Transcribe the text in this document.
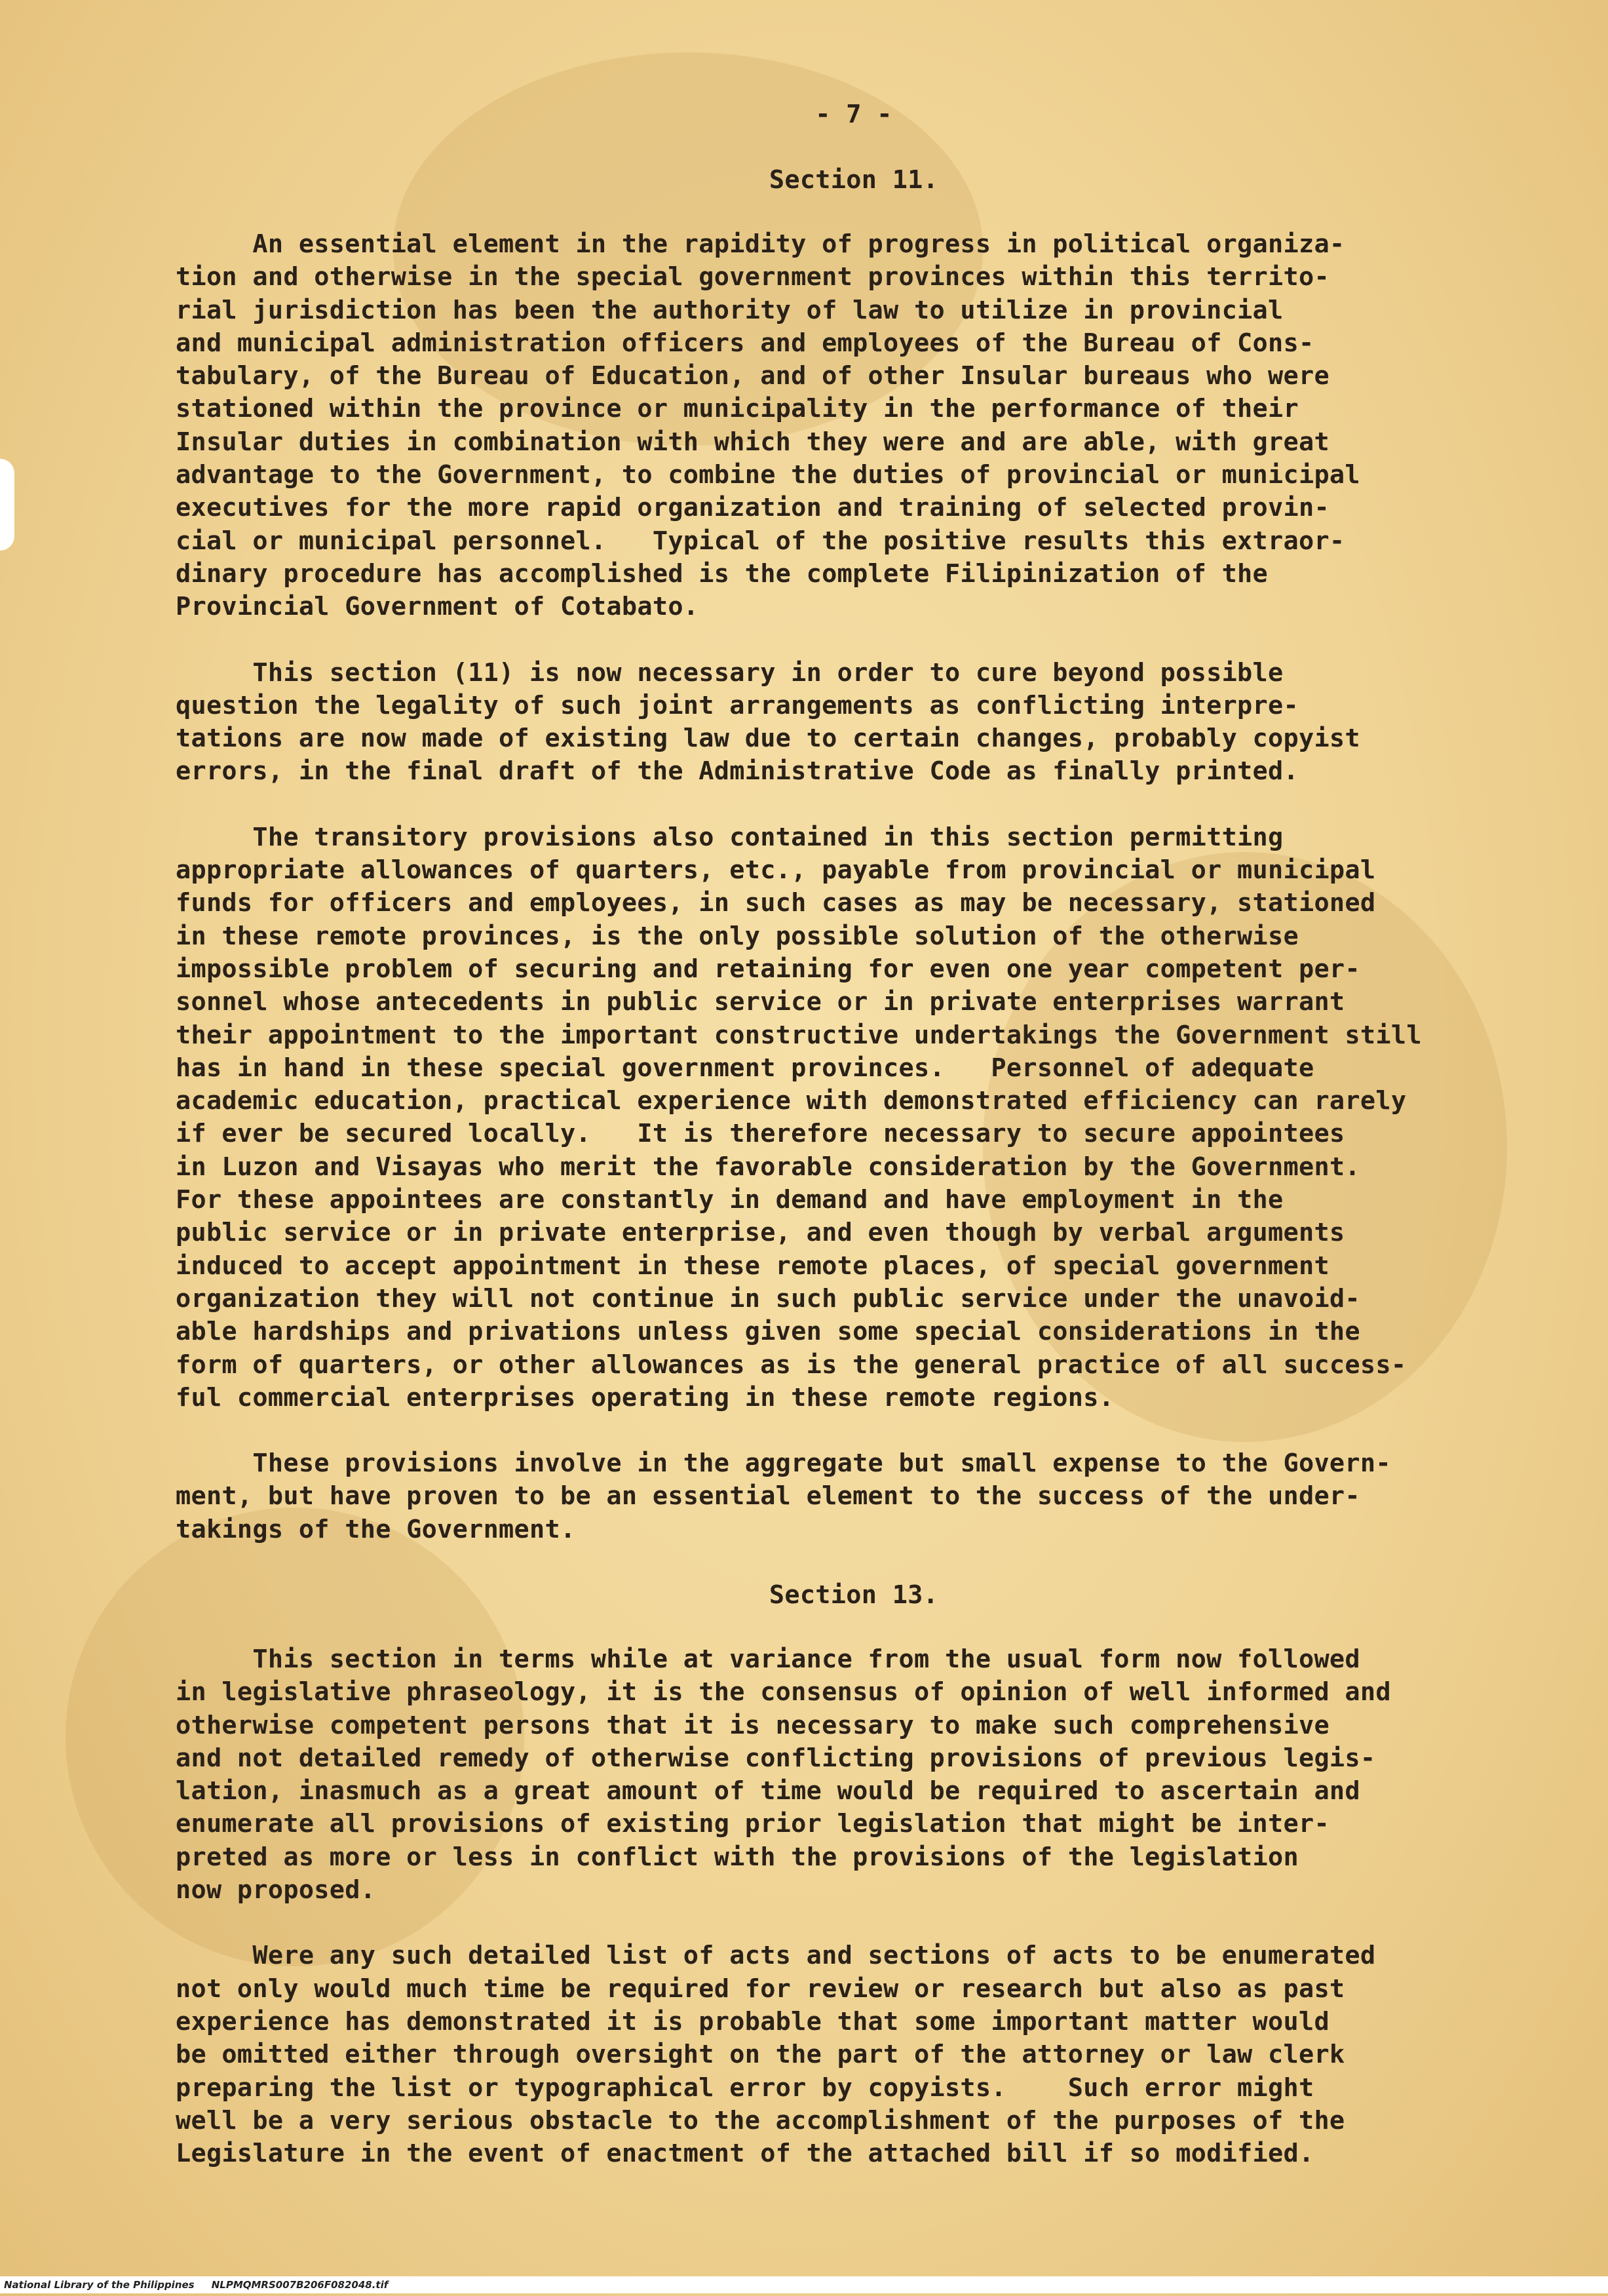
- 7 -
Section 11.
An essential element in the rapidity of progress in political organiza-
tion and otherwise in the special government provinces within this territo-
rial jurisdiction has been the authority of law to utilize in provincial
and municipal administration officers and employees of the Bureau of Cons-
tabulary, of the Bureau of Education, and of other Insular bureaus who were
stationed within the province or municipality in the performance of their
Insular duties in combination with which they were and are able, with great
advantage to the Government, to combine the duties of provincial or municipal
executives for the more rapid organization and training of selected provin-
cial or municipal personnel.   Typical of the positive results this extraor-
dinary procedure has accomplished is the complete Filipinization of the
Provincial Government of Cotabato.
This section (11) is now necessary in order to cure beyond possible
question the legality of such joint arrangements as conflicting interpre-
tations are now made of existing law due to certain changes, probably copyist
errors, in the final draft of the Administrative Code as finally printed.
The transitory provisions also contained in this section permitting
appropriate allowances of quarters, etc., payable from provincial or municipal
funds for officers and employees, in such cases as may be necessary, stationed
in these remote provinces, is the only possible solution of the otherwise
impossible problem of securing and retaining for even one year competent per-
sonnel whose antecedents in public service or in private enterprises warrant
their appointment to the important constructive undertakings the Government still
has in hand in these special government provinces.   Personnel of adequate
academic education, practical experience with demonstrated efficiency can rarely
if ever be secured locally.   It is therefore necessary to secure appointees
in Luzon and Visayas who merit the favorable consideration by the Government.
For these appointees are constantly in demand and have employment in the
public service or in private enterprise, and even though by verbal arguments
induced to accept appointment in these remote places, of special government
organization they will not continue in such public service under the unavoid-
able hardships and privations unless given some special considerations in the
form of quarters, or other allowances as is the general practice of all success-
ful commercial enterprises operating in these remote regions.
These provisions involve in the aggregate but small expense to the Govern-
ment, but have proven to be an essential element to the success of the under-
takings of the Government.
Section 13.
This section in terms while at variance from the usual form now followed
in legislative phraseology, it is the consensus of opinion of well informed and
otherwise competent persons that it is necessary to make such comprehensive
and not detailed remedy of otherwise conflicting provisions of previous legis-
lation, inasmuch as a great amount of time would be required to ascertain and
enumerate all provisions of existing prior legislation that might be inter-
preted as more or less in conflict with the provisions of the legislation
now proposed.
Were any such detailed list of acts and sections of acts to be enumerated
not only would much time be required for review or research but also as past
experience has demonstrated it is probable that some important matter would
be omitted either through oversight on the part of the attorney or law clerk
preparing the list or typographical error by copyists.    Such error might
well be a very serious obstacle to the accomplishment of the purposes of the
Legislature in the event of enactment of the attached bill if so modified.
National Library of the Philippines     NLPMQMRS007B206F082048.tif
